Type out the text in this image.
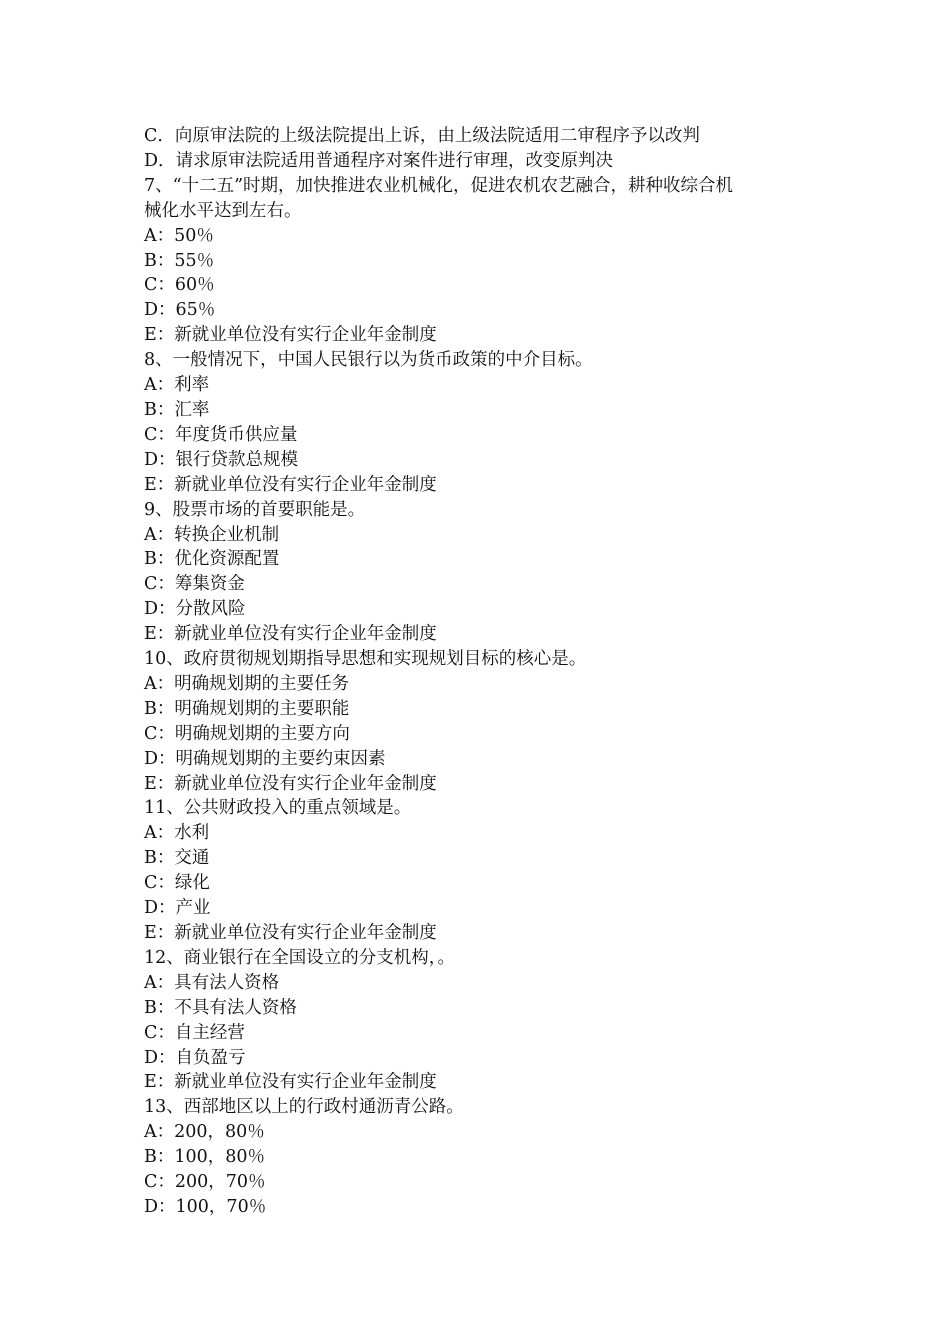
C．向原审法院的上级法院提出上诉，由上级法院适用二审程序予以改判

D．请求原审法院适用普通程序对案件进行审理，改变原判决

7、“十二五”时期，加快推进农业机械化，促进农机农艺融合，耕种收综合机

械化水平达到左右。

A：50％

B：55％

C：60％

D：65％

E：新就业单位没有实行企业年金制度

8、一般情况下，中国人民银行以为货币政策的中介目标。

A：利率

B：汇率

C：年度货币供应量

D：银行贷款总规模

E：新就业单位没有实行企业年金制度

9、股票市场的首要职能是。

A：转换企业机制

B：优化资源配置

C：筹集资金

D：分散风险

E：新就业单位没有实行企业年金制度

10、政府贯彻规划期指导思想和实现规划目标的核心是。

A：明确规划期的主要任务

B：明确规划期的主要职能

C：明确规划期的主要方向

D：明确规划期的主要约束因素

E：新就业单位没有实行企业年金制度

11、公共财政投入的重点领域是。

A：水利

B：交通

C：绿化

D：产业

E：新就业单位没有实行企业年金制度

12、商业银行在全国设立的分支机构，。

A：具有法人资格

B：不具有法人资格

C：自主经营

D：自负盈亏

E：新就业单位没有实行企业年金制度

13、西部地区以上的行政村通沥青公路。

A：200，80％

B：100，80％

C：200，70％

D：100，70％
